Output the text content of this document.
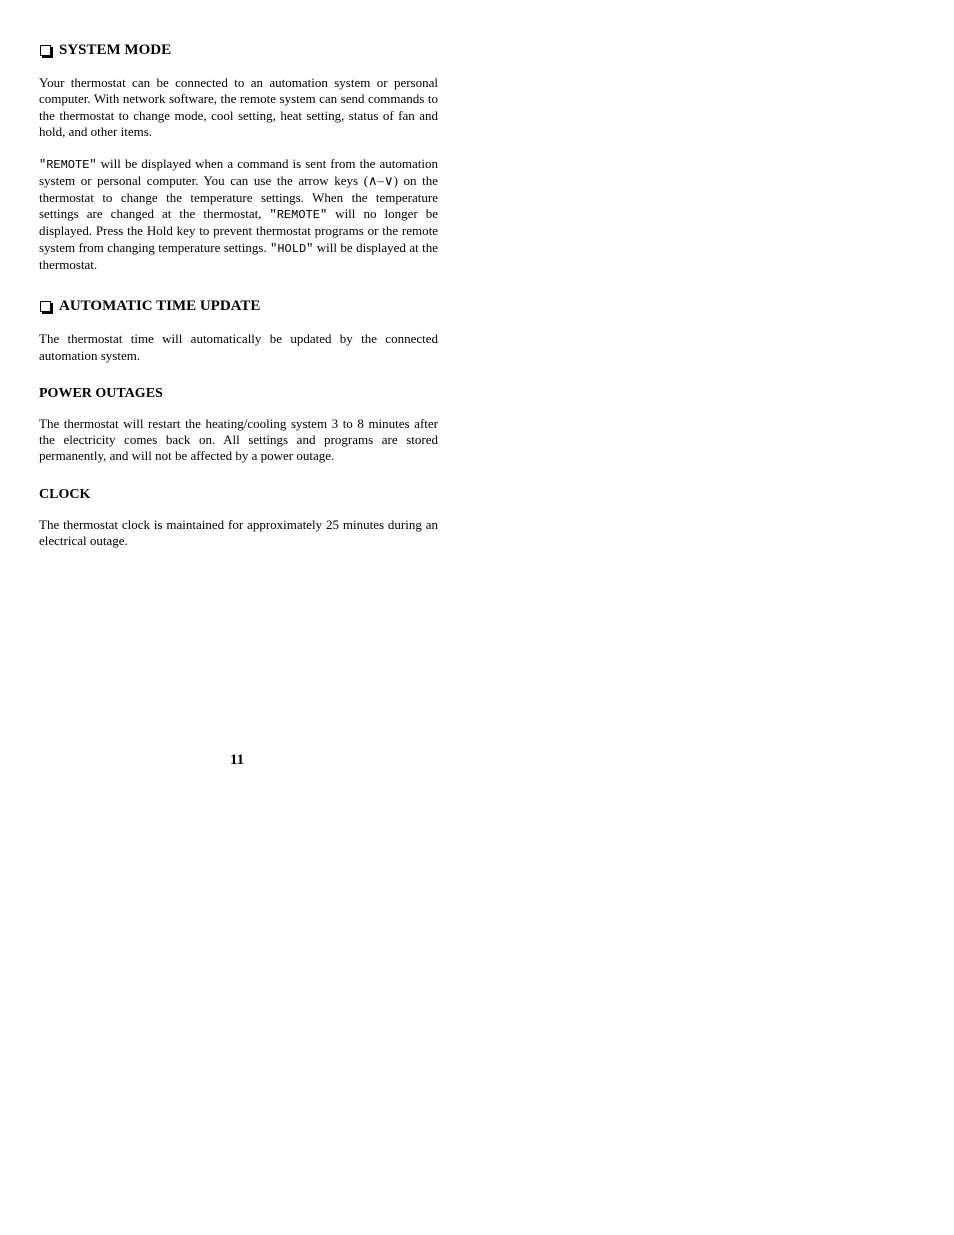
SYSTEM MODE

Your thermostat can be connected to an automation system or personal computer. With network software, the remote system can send commands to the thermostat to change mode, cool setting, heat setting, status of fan and hold, and other items.

"REMOTE" will be displayed when a command is sent from the automation system or personal computer. You can use the arrow keys (∧–∨) on the thermostat to change the temperature settings. When the temperature settings are changed at the thermostat, "REMOTE" will no longer be displayed. Press the Hold key to prevent thermostat programs or the remote system from changing temperature settings. "HOLD" will be displayed at the thermostat.

AUTOMATIC TIME UPDATE

The thermostat time will automatically be updated by the connected automation system.

POWER OUTAGES

The thermostat will restart the heating/cooling system 3 to 8 minutes after the electricity comes back on. All settings and programs are stored permanently, and will not be affected by a power outage.

CLOCK

The thermostat clock is maintained for approximately 25 minutes during an electrical outage.

11
